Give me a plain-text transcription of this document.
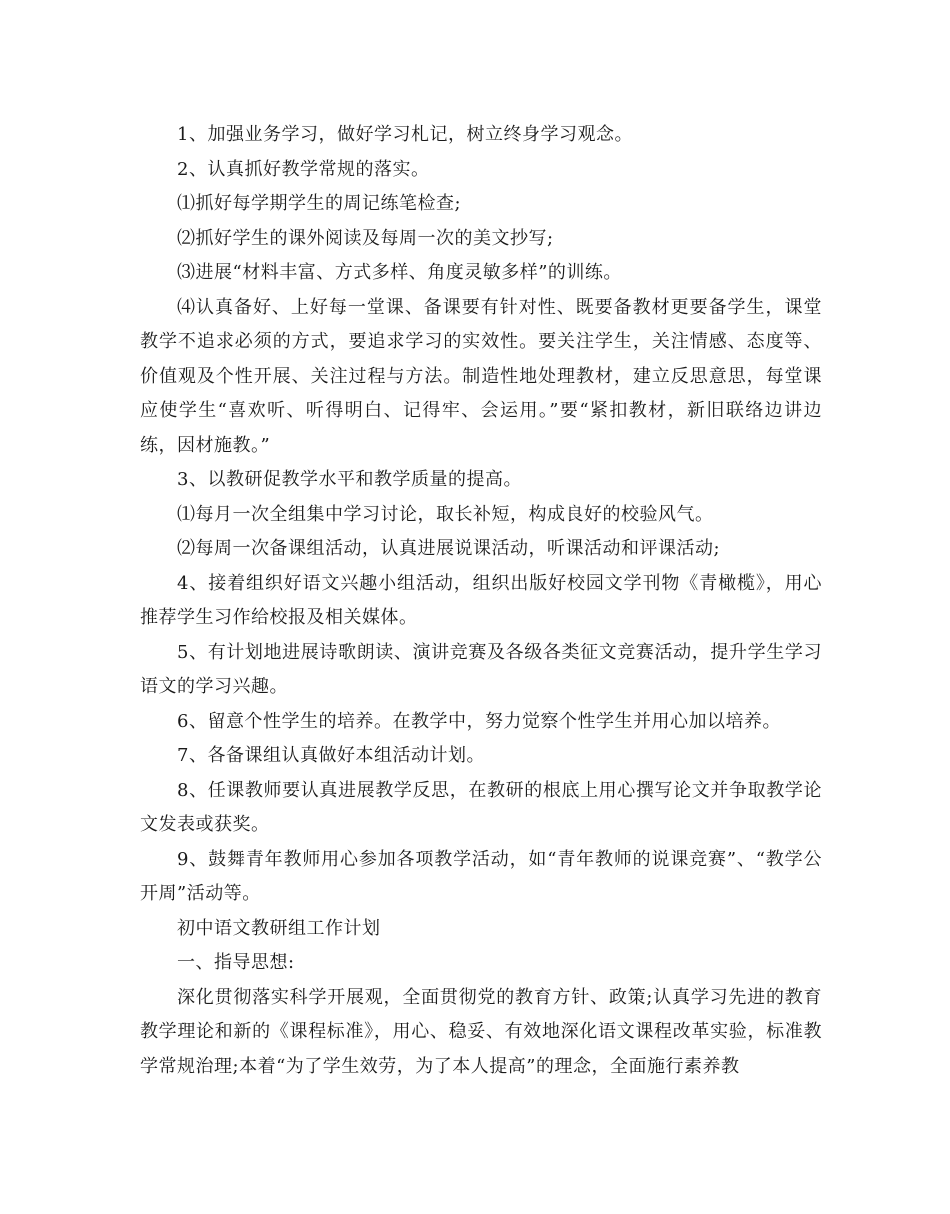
1、加强业务学习，做好学习札记，树立终身学习观念。

2、认真抓好教学常规的落实。

⑴抓好每学期学生的周记练笔检查;

⑵抓好学生的课外阅读及每周一次的美文抄写;

⑶进展“材料丰富、方式多样、角度灵敏多样”的训练。

⑷认真备好、上好每一堂课、备课要有针对性、既要备教材更要备学生，课堂教学不追求必须的方式，要追求学习的实效性。要关注学生，关注情感、态度等、价值观及个性开展、关注过程与方法。制造性地处理教材，建立反思意思，每堂课应使学生“喜欢听、听得明白、记得牢、会运用。”要“紧扣教材，新旧联络边讲边练，因材施教。”

3、以教研促教学水平和教学质量的提高。

⑴每月一次全组集中学习讨论，取长补短，构成良好的校验风气。

⑵每周一次备课组活动，认真进展说课活动，听课活动和评课活动;

4、接着组织好语文兴趣小组活动，组织出版好校园文学刊物《青橄榄》，用心推荐学生习作给校报及相关媒体。

5、有计划地进展诗歌朗读、演讲竞赛及各级各类征文竞赛活动，提升学生学习语文的学习兴趣。

6、留意个性学生的培养。在教学中，努力觉察个性学生并用心加以培养。

7、各备课组认真做好本组活动计划。

8、任课教师要认真进展教学反思，在教研的根底上用心撰写论文并争取教学论文发表或获奖。

9、鼓舞青年教师用心参加各项教学活动，如“青年教师的说课竞赛”、“教学公开周”活动等。

初中语文教研组工作计划

一、指导思想:

深化贯彻落实科学开展观，全面贯彻党的教育方针、政策;认真学习先进的教育教学理论和新的《课程标准》，用心、稳妥、有效地深化语文课程改革实验，标准教学常规治理;本着“为了学生效劳，为了本人提高”的理念，全面施行素养教
